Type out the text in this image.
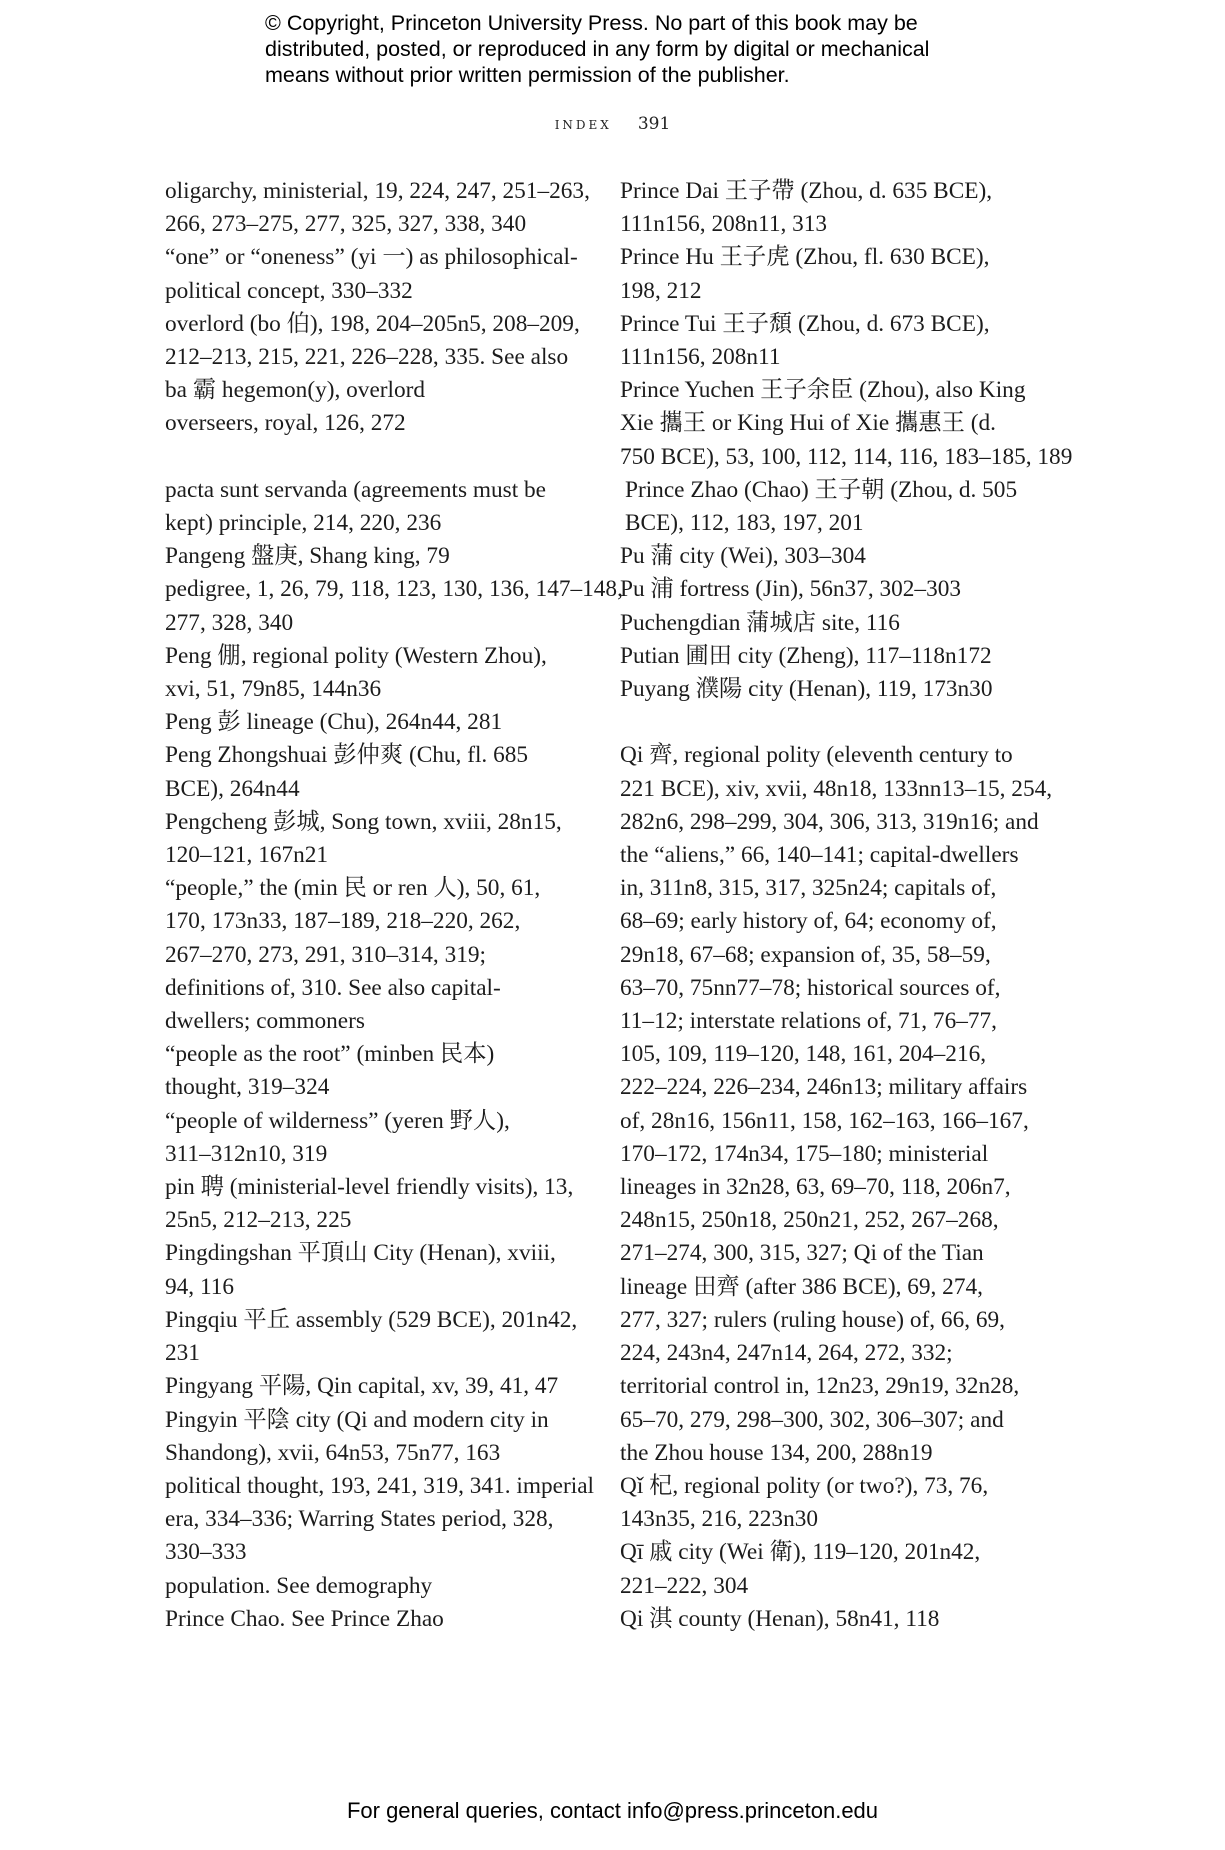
© Copyright, Princeton University Press. No part of this book may be
distributed, posted, or reproduced in any form by digital or mechanical
means without prior written permission of the publisher.
index 391

oligarchy, ministerial, 19, 224, 247, 251–263,
266, 273–275, 277, 325, 327, 338, 340

“one” or “oneness” (yi 一) as philosophical-
political concept, 330–332

overlord (bo 伯), 198, 204–205n5, 208–209,
212–213, 215, 221, 226–228, 335. See also
ba 霸 hegemon(y), overlord

overseers, royal, 126, 272

pacta sunt servanda (agreements must be
kept) principle, 214, 220, 236

Pangeng 盤庚, Shang king, 79

pedigree, 1, 26, 79, 118, 123, 130, 136, 147–148,
277, 328, 340

Peng 倗, regional polity (Western Zhou),
xvi, 51, 79n85, 144n36

Peng 彭 lineage (Chu), 264n44, 281

Peng Zhongshuai 彭仲爽 (Chu, fl. 685
BCE), 264n44

Pengcheng 彭城, Song town, xviii, 28n15,
120–121, 167n21

“people,” the (min 民 or ren 人), 50, 61,
170, 173n33, 187–189, 218–220, 262,
267–270, 273, 291, 310–314, 319;
definitions of, 310. See also capital-
dwellers; commoners

“people as the root” (minben 民本)
thought, 319–324

“people of wilderness” (yeren 野人),
311–312n10, 319

pin 聘 (ministerial-level friendly visits), 13,
25n5, 212–213, 225

Pingdingshan 平頂山 City (Henan), xviii,
94, 116

Pingqiu 平丘 assembly (529 BCE), 201n42,
231

Pingyang 平陽, Qin capital, xv, 39, 41, 47

Pingyin 平陰 city (Qi and modern city in
Shandong), xvii, 64n53, 75n77, 163

political thought, 193, 241, 319, 341. imperial
era, 334–336; Warring States period, 328,
330–333

population. See demography

Prince Chao. See Prince Zhao

Prince Dai 王子帶 (Zhou, d. 635 BCE),
111n156, 208n11, 313

Prince Hu 王子虎 (Zhou, fl. 630 BCE),
198, 212

Prince Tui 王子頹 (Zhou, d. 673 BCE),
111n156, 208n11

Prince Yuchen 王子余臣 (Zhou), also King
Xie 攜王 or King Hui of Xie 攜惠王 (d.
750 BCE), 53, 100, 112, 114, 116, 183–185, 189

Prince Zhao (Chao) 王子朝 (Zhou, d. 505
BCE), 112, 183, 197, 201

Pu 蒲 city (Wei), 303–304

Pu 浦 fortress (Jin), 56n37, 302–303

Puchengdian 蒲城店 site, 116

Putian 圃田 city (Zheng), 117–118n172

Puyang 濮陽 city (Henan), 119, 173n30

Qi 齊, regional polity (eleventh century to
221 BCE), xiv, xvii, 48n18, 133nn13–15, 254,
282n6, 298–299, 304, 306, 313, 319n16; and
the “aliens,” 66, 140–141; capital-dwellers
in, 311n8, 315, 317, 325n24; capitals of,
68–69; early history of, 64; economy of,
29n18, 67–68; expansion of, 35, 58–59,
63–70, 75nn77–78; historical sources of,
11–12; interstate relations of, 71, 76–77,
105, 109, 119–120, 148, 161, 204–216,
222–224, 226–234, 246n13; military affairs
of, 28n16, 156n11, 158, 162–163, 166–167,
170–172, 174n34, 175–180; ministerial
lineages in 32n28, 63, 69–70, 118, 206n7,
248n15, 250n18, 250n21, 252, 267–268,
271–274, 300, 315, 327; Qi of the Tian
lineage 田齊 (after 386 BCE), 69, 274,
277, 327; rulers (ruling house) of, 66, 69,
224, 243n4, 247n14, 264, 272, 332;
territorial control in, 12n23, 29n19, 32n28,
65–70, 279, 298–300, 302, 306–307; and
the Zhou house 134, 200, 288n19

Qǐ 杞, regional polity (or two?), 73, 76,
143n35, 216, 223n30

Qī 戚 city (Wei 衛), 119–120, 201n42,
221–222, 304

Qi 淇 county (Henan), 58n41, 118

For general queries, contact info@press.princeton.edu
